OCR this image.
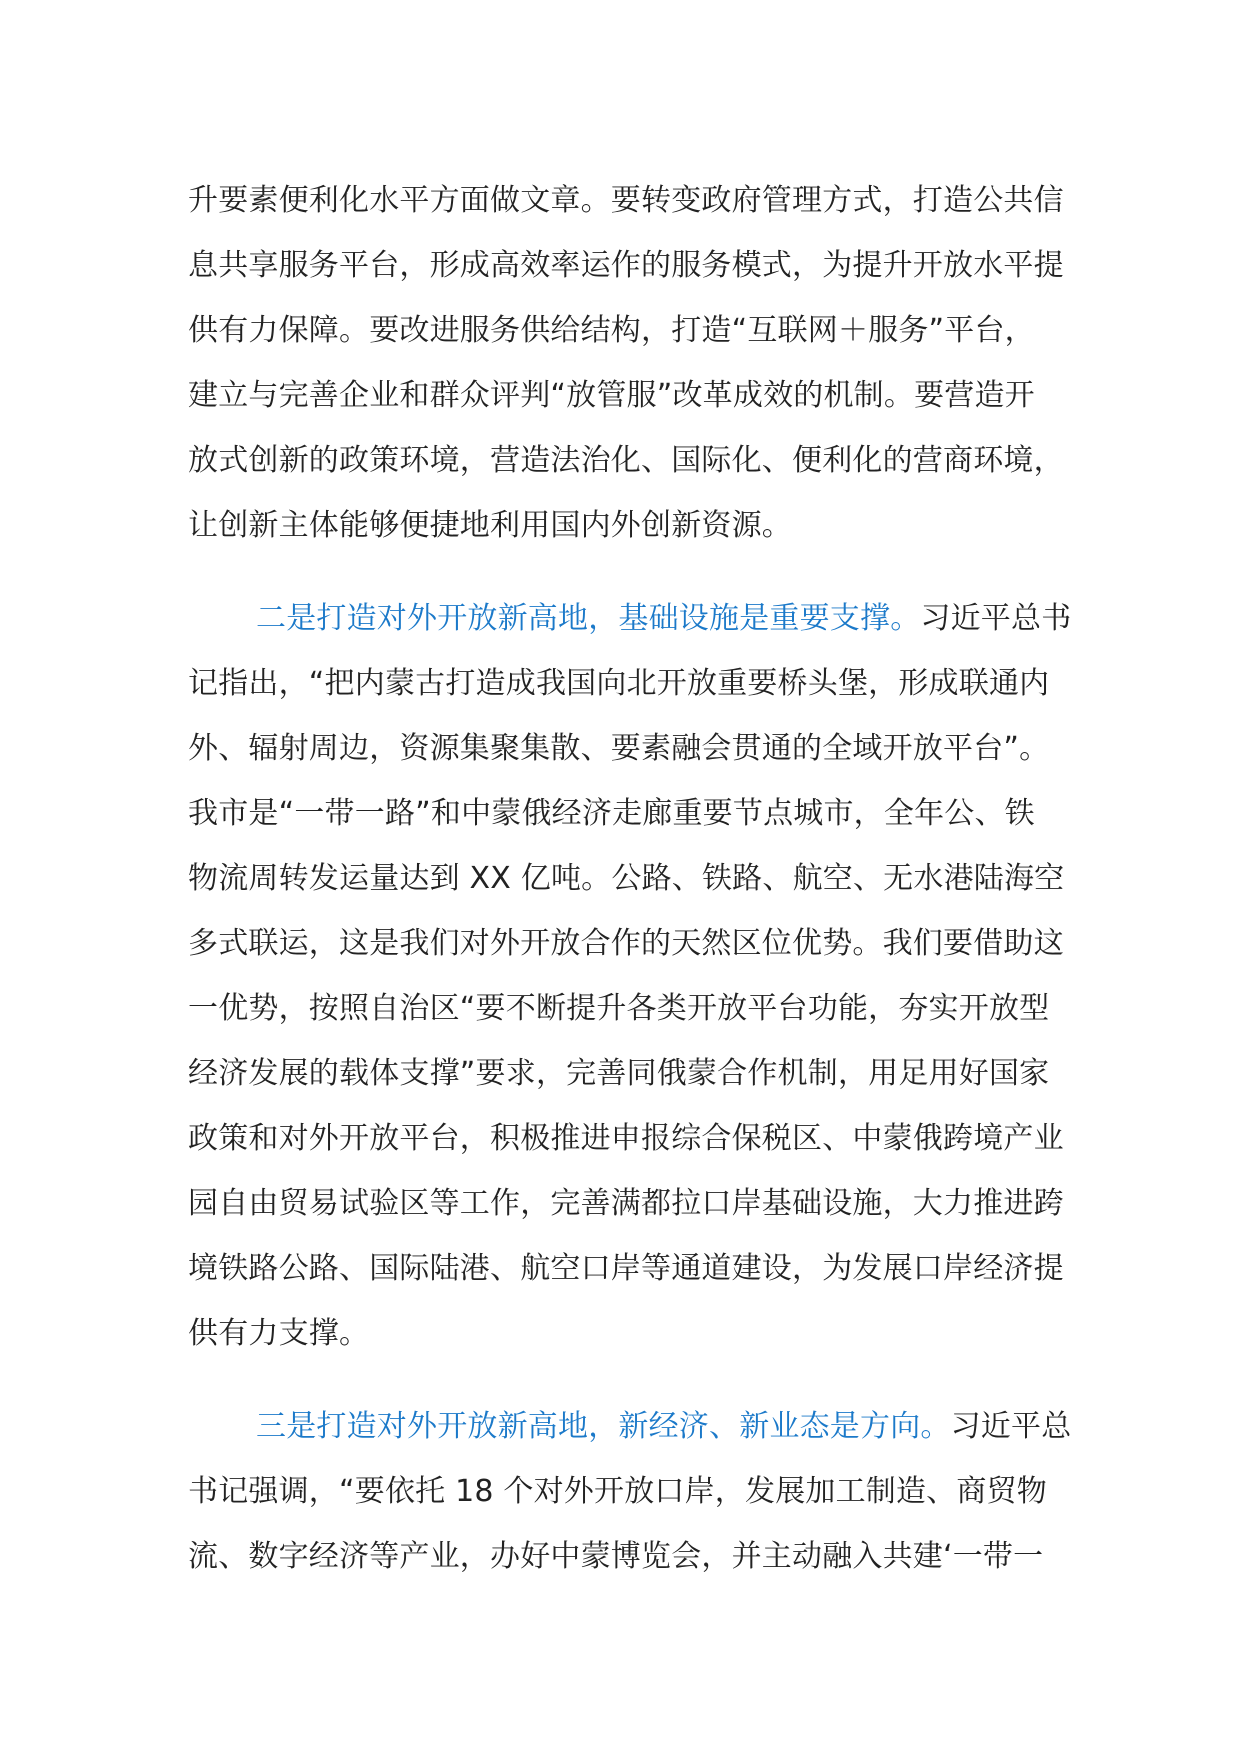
升要素便利化水平方面做文章。要转变政府管理方式，打造公共信
息共享服务平台，形成高效率运作的服务模式，为提升开放水平提
供有力保障。要改进服务供给结构，打造“互联网＋服务”平台，
建立与完善企业和群众评判“放管服”改革成效的机制。要营造开
放式创新的政策环境，营造法治化、国际化、便利化的营商环境，
让创新主体能够便捷地利用国内外创新资源。
二是打造对外开放新高地，基础设施是重要支撑。习近平总书
记指出，“把内蒙古打造成我国向北开放重要桥头堡，形成联通内
外、辐射周边，资源集聚集散、要素融会贯通的全域开放平台”。
我市是“一带一路”和中蒙俄经济走廊重要节点城市，全年公、铁
物流周转发运量达到 XX 亿吨。公路、铁路、航空、无水港陆海空
多式联运，这是我们对外开放合作的天然区位优势。我们要借助这
一优势，按照自治区“要不断提升各类开放平台功能，夯实开放型
经济发展的载体支撑”要求，完善同俄蒙合作机制，用足用好国家
政策和对外开放平台，积极推进申报综合保税区、中蒙俄跨境产业
园自由贸易试验区等工作，完善满都拉口岸基础设施，大力推进跨
境铁路公路、国际陆港、航空口岸等通道建设，为发展口岸经济提
供有力支撑。
三是打造对外开放新高地，新经济、新业态是方向。习近平总
书记强调，“要依托 18 个对外开放口岸，发展加工制造、商贸物
流、数字经济等产业，办好中蒙博览会，并主动融入共建‘一带一
